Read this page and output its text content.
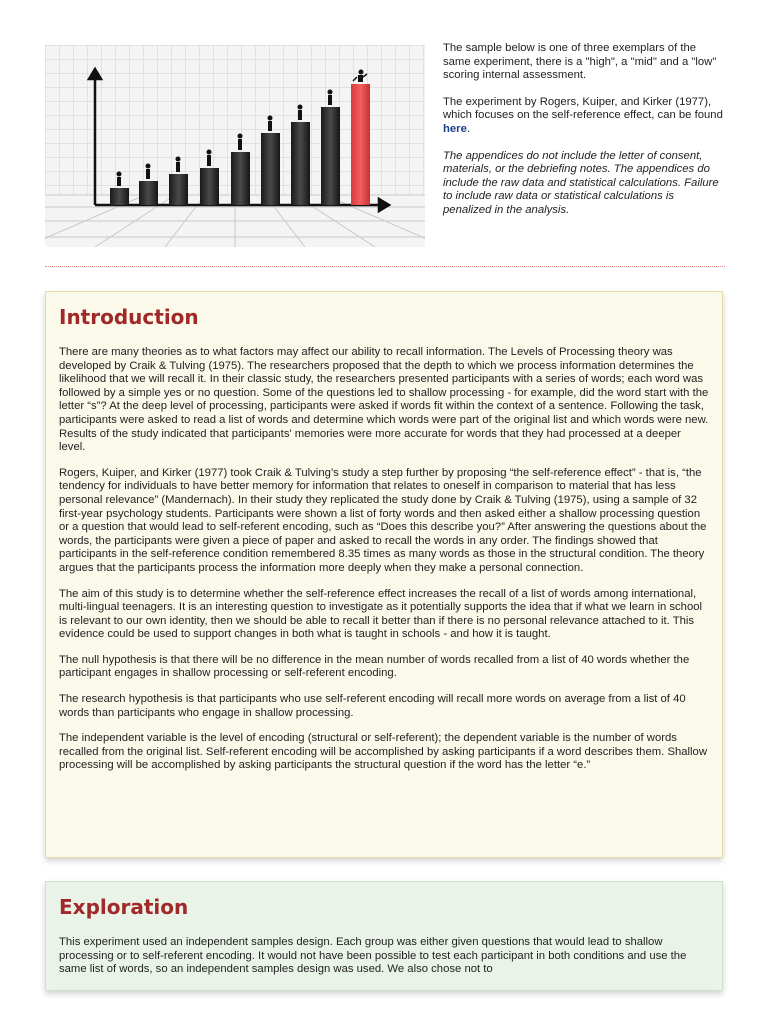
The sample below is one of three exemplars of the same experiment, there is a "high", a "mid" and a "low" scoring internal assessment.

The experiment by Rogers, Kuiper, and Kirker (1977), which focuses on the self-reference effect, can be found here.

The appendices do not include the letter of consent, materials, or the debriefing notes. The appendices do include the raw data and statistical calculations. Failure to include raw data or statistical calculations is penalized in the analysis.

Introduction

There are many theories as to what factors may affect our ability to recall information. The Levels of Processing theory was developed by Craik & Tulving (1975). The researchers proposed that the depth to which we process information determines the likelihood that we will recall it. In their classic study, the researchers presented participants with a series of words; each word was followed by a simple yes or no question. Some of the questions led to shallow processing - for example, did the word start with the letter “s”? At the deep level of processing, participants were asked if words fit within the context of a sentence. Following the task, participants were asked to read a list of words and determine which words were part of the original list and which words were new. Results of the study indicated that participants' memories were more accurate for words that they had processed at a deeper level.

Rogers, Kuiper, and Kirker (1977) took Craik & Tulving’s study a step further by proposing “the self-reference effect” - that is, “the tendency for individuals to have better memory for information that relates to oneself in comparison to material that has less personal relevance” (Mandernach). In their study they replicated the study done by Craik & Tulving (1975), using a sample of 32 first-year psychology students. Participants were shown a list of forty words and then asked either a shallow processing question or a question that would lead to self-referent encoding, such as “Does this describe you?” After answering the questions about the words, the participants were given a piece of paper and asked to recall the words in any order. The findings showed that participants in the self-reference condition remembered 8.35 times as many words as those in the structural condition. The theory argues that the participants process the information more deeply when they make a personal connection.

The aim of this study is to determine whether the self-reference effect increases the recall of a list of words among international, multi-lingual teenagers. It is an interesting question to investigate as it potentially supports the idea that if what we learn in school is relevant to our own identity, then we should be able to recall it better than if there is no personal relevance attached to it. This evidence could be used to support changes in both what is taught in schools - and how it is taught.

The null hypothesis is that there will be no difference in the mean number of words recalled from a list of 40 words whether the participant engages in shallow processing or self-referent encoding.

The research hypothesis is that participants who use self-referent encoding will recall more words on average from a list of 40 words than participants who engage in shallow processing.

The independent variable is the level of encoding (structural or self-referent); the dependent variable is the number of words recalled from the original list. Self-referent encoding will be accomplished by asking participants if a word describes them. Shallow processing will be accomplished by asking participants the structural question if the word has the letter “e.”

Exploration

This experiment used an independent samples design. Each group was either given questions that would lead to shallow processing or to self-referent encoding. It would not have been possible to test each participant in both conditions and use the same list of words, so an independent samples design was used. We also chose not to
